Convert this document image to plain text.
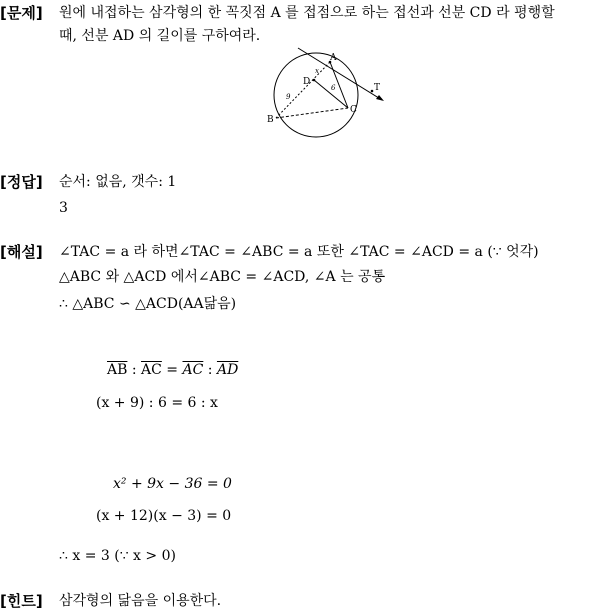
[문제] 원에 내접하는 삼각형의 한 꼭짓점 A 를 접점으로 하는 접선과 선분 CD 라 평행할
때, 선분 AD 의 길이를 구하여라.
A
B
C
D
T
9
x
6
[정답] 순서: 없음, 갯수: 1
3
[해설] ∠TAC = a 라 하면∠TAC = ∠ABC = a 또한 ∠TAC = ∠ACD = a (∵ 엇각)
△ABC 와 △ACD 에서∠ABC = ∠ACD, ∠A 는 공통
∴ △ABC ∽ △ACD(AA닮음)
$\overline{AB}$ : $\overline{AC} = \overline{AC}$ : $\overline{AD}$
(x + 9) : 6 = 6 : x
x² + 9x − 36 = 0
(x + 12)(x − 3) = 0
∴ x = 3 (∵ x > 0)
[힌트] 삼각형의 닮음을 이용한다.
